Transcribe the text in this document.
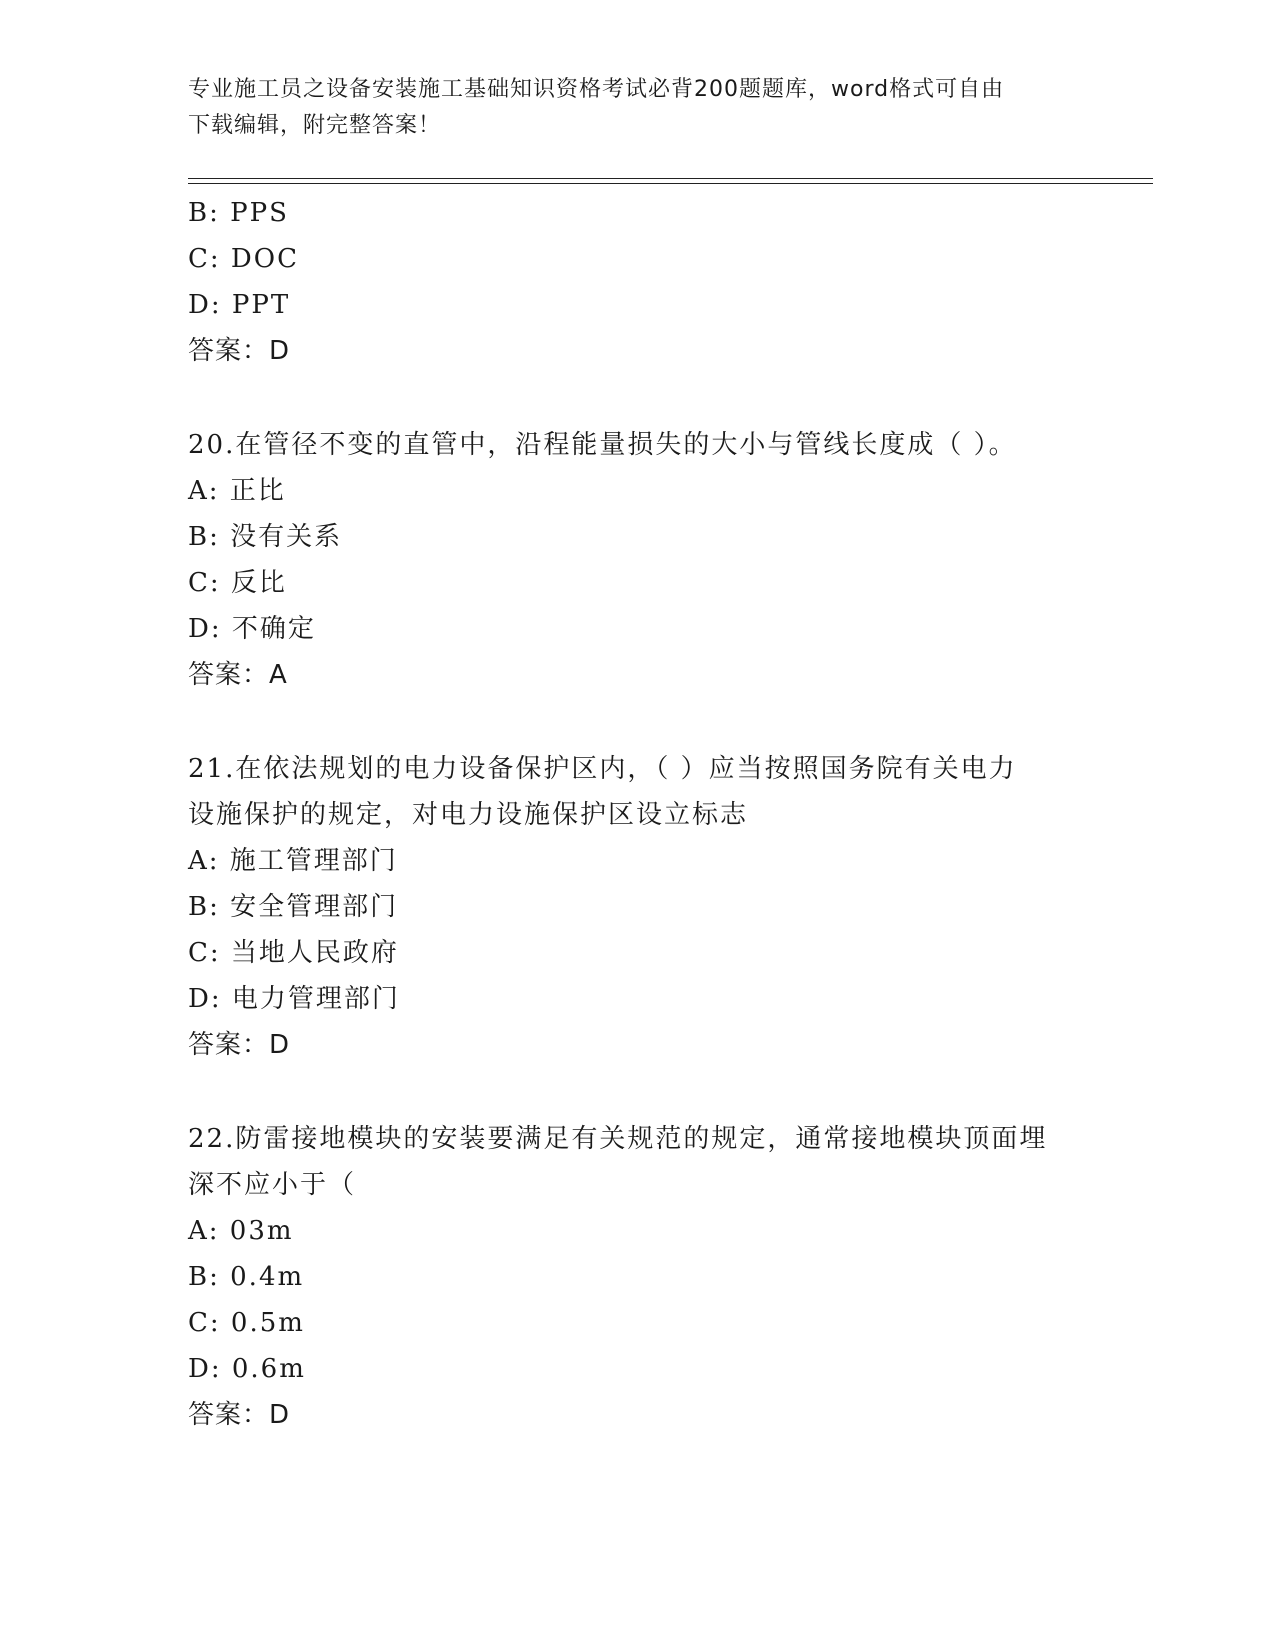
专业施工员之设备安装施工基础知识资格考试必背200题题库，word格式可自由
下载编辑，附完整答案！
B: PPS
C: DOC
D: PPT
答案：D
20.在管径不变的直管中，沿程能量损失的大小与管线长度成（ ）。
A: 正比
B: 没有关系
C: 反比
D: 不确定
答案：A
21.在依法规划的电力设备保护区内，（ ）应当按照国务院有关电力
设施保护的规定，对电力设施保护区设立标志
A: 施工管理部门
B: 安全管理部门
C: 当地人民政府
D: 电力管理部门
答案：D
22.防雷接地模块的安装要满足有关规范的规定，通常接地模块顶面埋
深不应小于（
A: 03m
B: 0.4m
C: 0.5m
D: 0.6m
答案：D
